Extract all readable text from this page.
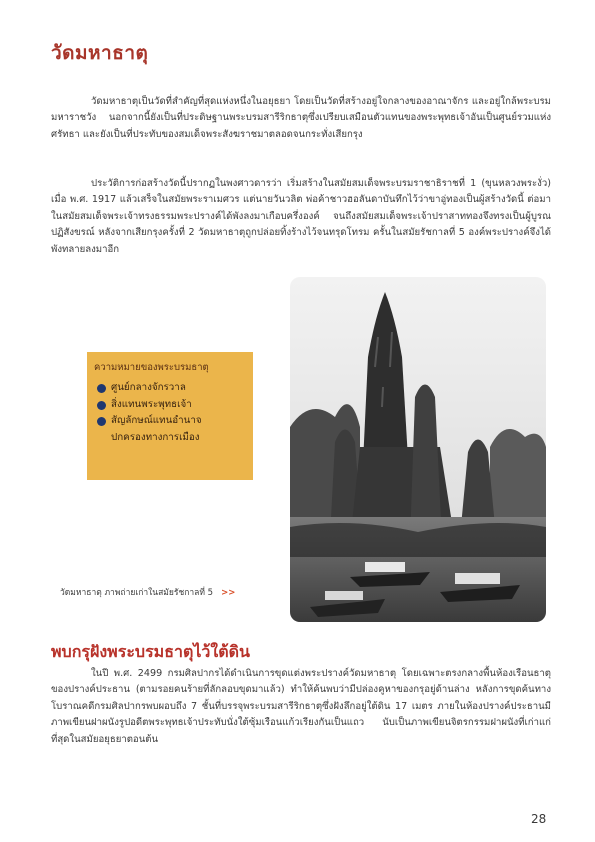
วัดมหาธาตุ

วัดมหาธาตุเป็นวัดที่สำคัญที่สุดแห่งหนึ่งในอยุธยา โดยเป็นวัดที่สร้างอยู่ใจกลางของอาณาจักร และอยู่ใกล้พระบรมมหาราชวัง นอกจากนี้ยังเป็นที่ประดิษฐานพระบรมสารีริกธาตุซึ่งเปรียบเสมือนตัวแทนของพระพุทธเจ้าอันเป็นศูนย์รวมแห่งศรัทธา และยังเป็นที่ประทับของสมเด็จพระสังฆราชมาตลอดจนกระทั่งเสียกรุง

ประวัติการก่อสร้างวัดนี้ปรากฏในพงศาวดารว่า เริ่มสร้างในสมัยสมเด็จพระบรมราชาธิราชที่ 1 (ขุนหลวงพระงั่ว) เมื่อ พ.ศ. 1917 แล้วเสร็จในสมัยพระราเมศวร แต่นายวันวลิต พ่อค้าชาวฮอลันดาบันทึกไว้ว่าขาอู่ทองเป็นผู้สร้างวัดนี้ ต่อมาในสมัยสมเด็จพระเจ้าทรงธรรมพระปรางค์ได้พังลงมาเกือบครึ่งองค์ จนถึงสมัยสมเด็จพระเจ้าปราสาททองจึงทรงเป็นผู้บูรณปฏิสังขรณ์ หลังจากเสียกรุงครั้งที่ 2 วัดมหาธาตุถูกปล่อยทิ้งร้างไว้จนทรุดโทรม ครั้นในสมัยรัชกาลที่ 5 องค์พระปรางค์จึงได้พังทลายลงมาอีก

ความหมายของพระบรมธาตุ
ศูนย์กลางจักรวาล
สิ่งแทนพระพุทธเจ้า
สัญลักษณ์แทนอำนาจ
ปกครองทางการเมือง
วัดมหาธาตุ ภาพถ่ายเก่าในสมัยรัชกาลที่ 5 >>
พบกรุฝังพระบรมธาตุไว้ใต้ดิน

ในปี พ.ศ. 2499 กรมศิลปากรได้ดำเนินการขุดแต่งพระปรางค์วัดมหาธาตุ โดยเฉพาะตรงกลางพื้นห้องเรือนธาตุของปรางค์ประธาน (ตามรอยคนร้ายที่ลักลอบขุดมาแล้ว) ทำให้ค้นพบว่ามีปล่องคูหาของกรุอยู่ด้านล่าง หลังการขุดค้นทางโบราณคดีกรมศิลปากรพบผอบถึง 7 ชั้นที่บรรจุพระบรมสารีริกธาตุซึ่งฝังลึกอยู่ใต้ดิน 17 เมตร ภายในห้องปรางค์ประธานมีภาพเขียนฝาผนังรูปอดีตพระพุทธเจ้าประทับนั่งใต้ซุ้มเรือนแก้วเรียงกันเป็นแถว นับเป็นภาพเขียนจิตรกรรมฝาผนังที่เก่าแก่ที่สุดในสมัยอยุธยาตอนต้น

28
